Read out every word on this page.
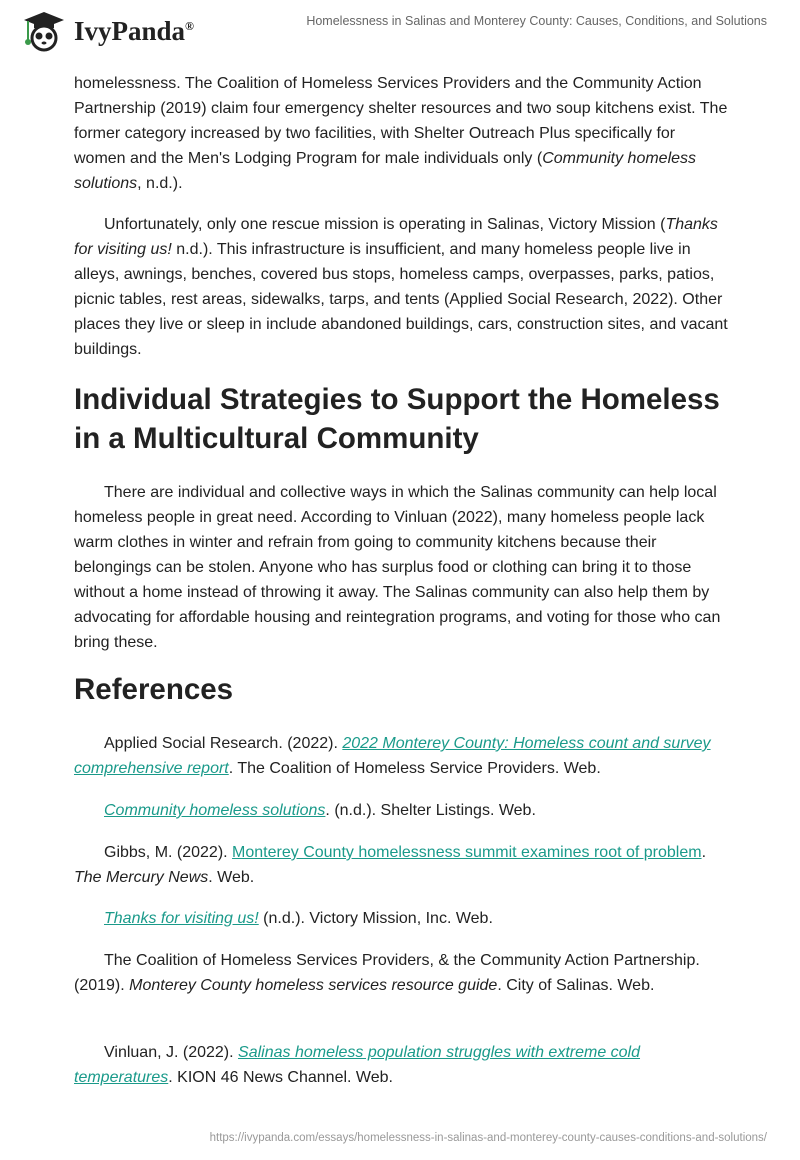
IvyPanda®	Homelessness in Salinas and Monterey County: Causes, Conditions, and Solutions

homelessness. The Coalition of Homeless Services Providers and the Community Action Partnership (2019) claim four emergency shelter resources and two soup kitchens exist. The former category increased by two facilities, with Shelter Outreach Plus specifically for women and the Men's Lodging Program for male individuals only (Community homeless solutions, n.d.).

Unfortunately, only one rescue mission is operating in Salinas, Victory Mission (Thanks for visiting us! n.d.). This infrastructure is insufficient, and many homeless people live in alleys, awnings, benches, covered bus stops, homeless camps, overpasses, parks, patios, picnic tables, rest areas, sidewalks, tarps, and tents (Applied Social Research, 2022). Other places they live or sleep in include abandoned buildings, cars, construction sites, and vacant buildings.

Individual Strategies to Support the Homeless in a Multicultural Community

There are individual and collective ways in which the Salinas community can help local homeless people in great need. According to Vinluan (2022), many homeless people lack warm clothes in winter and refrain from going to community kitchens because their belongings can be stolen. Anyone who has surplus food or clothing can bring it to those without a home instead of throwing it away. The Salinas community can also help them by advocating for affordable housing and reintegration programs, and voting for those who can bring these.

References

Applied Social Research. (2022). 2022 Monterey County: Homeless count and survey comprehensive report. The Coalition of Homeless Service Providers. Web.

Community homeless solutions. (n.d.). Shelter Listings. Web.

Gibbs, M. (2022). Monterey County homelessness summit examines root of problem. The Mercury News. Web.

Thanks for visiting us! (n.d.). Victory Mission, Inc. Web.

The Coalition of Homeless Services Providers, & the Community Action Partnership. (2019). Monterey County homeless services resource guide. City of Salinas. Web.

Vinluan, J. (2022). Salinas homeless population struggles with extreme cold temperatures. KION 46 News Channel. Web.

https://ivypanda.com/essays/homelessness-in-salinas-and-monterey-county-causes-conditions-and-solutions/
